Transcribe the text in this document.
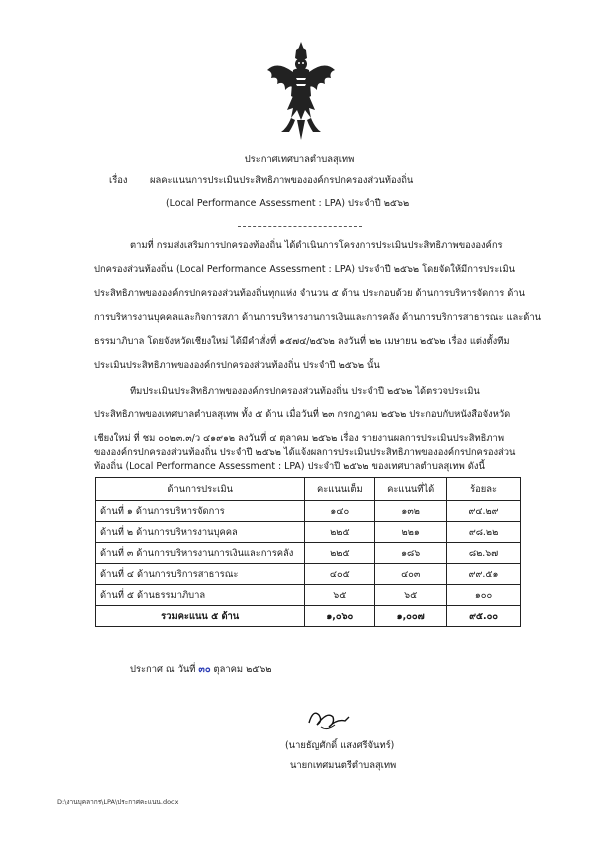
ประกาศเทศบาลตำบลสุเทพ
เรื่อง ผลคะแนนการประเมินประสิทธิภาพขององค์กรปกครองส่วนท้องถิ่น
(Local Performance Assessment : LPA) ประจำปี ๒๕๖๒
ตามที่ กรมส่งเสริมการปกครองท้องถิ่น ได้ดำเนินการโครงการประเมินประสิทธิภาพขององค์กร
ปกครองส่วนท้องถิ่น (Local Performance Assessment : LPA) ประจำปี ๒๕๖๒ โดยจัดให้มีการประเมิน
ประสิทธิภาพขององค์กรปกครองส่วนท้องถิ่นทุกแห่ง จำนวน ๕ ด้าน ประกอบด้วย ด้านการบริหารจัดการ ด้าน
การบริหารงานบุคคลและกิจการสภา ด้านการบริหารงานการเงินและการคลัง ด้านการบริการสาธารณะ และด้าน
ธรรมาภิบาล โดยจังหวัดเชียงใหม่ ได้มีคำสั่งที่ ๑๕๗๔/๒๕๖๒ ลงวันที่ ๒๒ เมษายน ๒๕๖๒ เรื่อง แต่งตั้งทีม
ประเมินประสิทธิภาพขององค์กรปกครองส่วนท้องถิ่น ประจำปี ๒๕๖๒ นั้น
ทีมประเมินประสิทธิภาพขององค์กรปกครองส่วนท้องถิ่น ประจำปี ๒๕๖๒ ได้ตรวจประเมิน
ประสิทธิภาพของเทศบาลตำบลสุเทพ ทั้ง ๕ ด้าน เมื่อวันที่ ๒๓ กรกฎาคม ๒๕๖๒ ประกอบกับหนังสือจังหวัด
เชียงใหม่ ที่ ชม ๐๐๒๓.๓/ว ๔๑๙๑๒ ลงวันที่ ๔ ตุลาคม ๒๕๖๒ เรื่อง รายงานผลการประเมินประสิทธิภาพ
ขององค์กรปกครองส่วนท้องถิ่น ประจำปี ๒๕๖๒ ได้แจ้งผลการประเมินประสิทธิภาพขององค์กรปกครองส่วน
ท้องถิ่น (Local Performance Assessment : LPA) ประจำปี ๒๕๖๒ ของเทศบาลตำบลสุเทพ ดังนี้
ด้านการประเมิน	คะแนนเต็ม	คะแนนที่ได้	ร้อยละ
ด้านที่ ๑ ด้านการบริหารจัดการ	๑๔๐	๑๓๒	๙๔.๒๙
ด้านที่ ๒ ด้านการบริหารงานบุคคล	๒๒๕	๒๒๑	๙๘.๒๒
ด้านที่ ๓ ด้านการบริหารงานการเงินและการคลัง	๒๒๕	๑๘๖	๘๒.๖๗
ด้านที่ ๔ ด้านการบริการสาธารณะ	๔๐๕	๔๐๓	๙๙.๕๑
ด้านที่ ๕ ด้านธรรมาภิบาล	๖๕	๖๕	๑๐๐
รวมคะแนน ๕ ด้าน	๑,๐๖๐	๑,๐๐๗	๙๕.๐๐
ประกาศ ณ วันที่ ๓๐ ตุลาคม ๒๕๖๒
(นายธัญศักดิ์ แสงศรีจันทร์)
นายกเทศมนตรีตำบลสุเทพ
D:\งานบุคลากร\LPA\ประกาศคะแนน.docx
